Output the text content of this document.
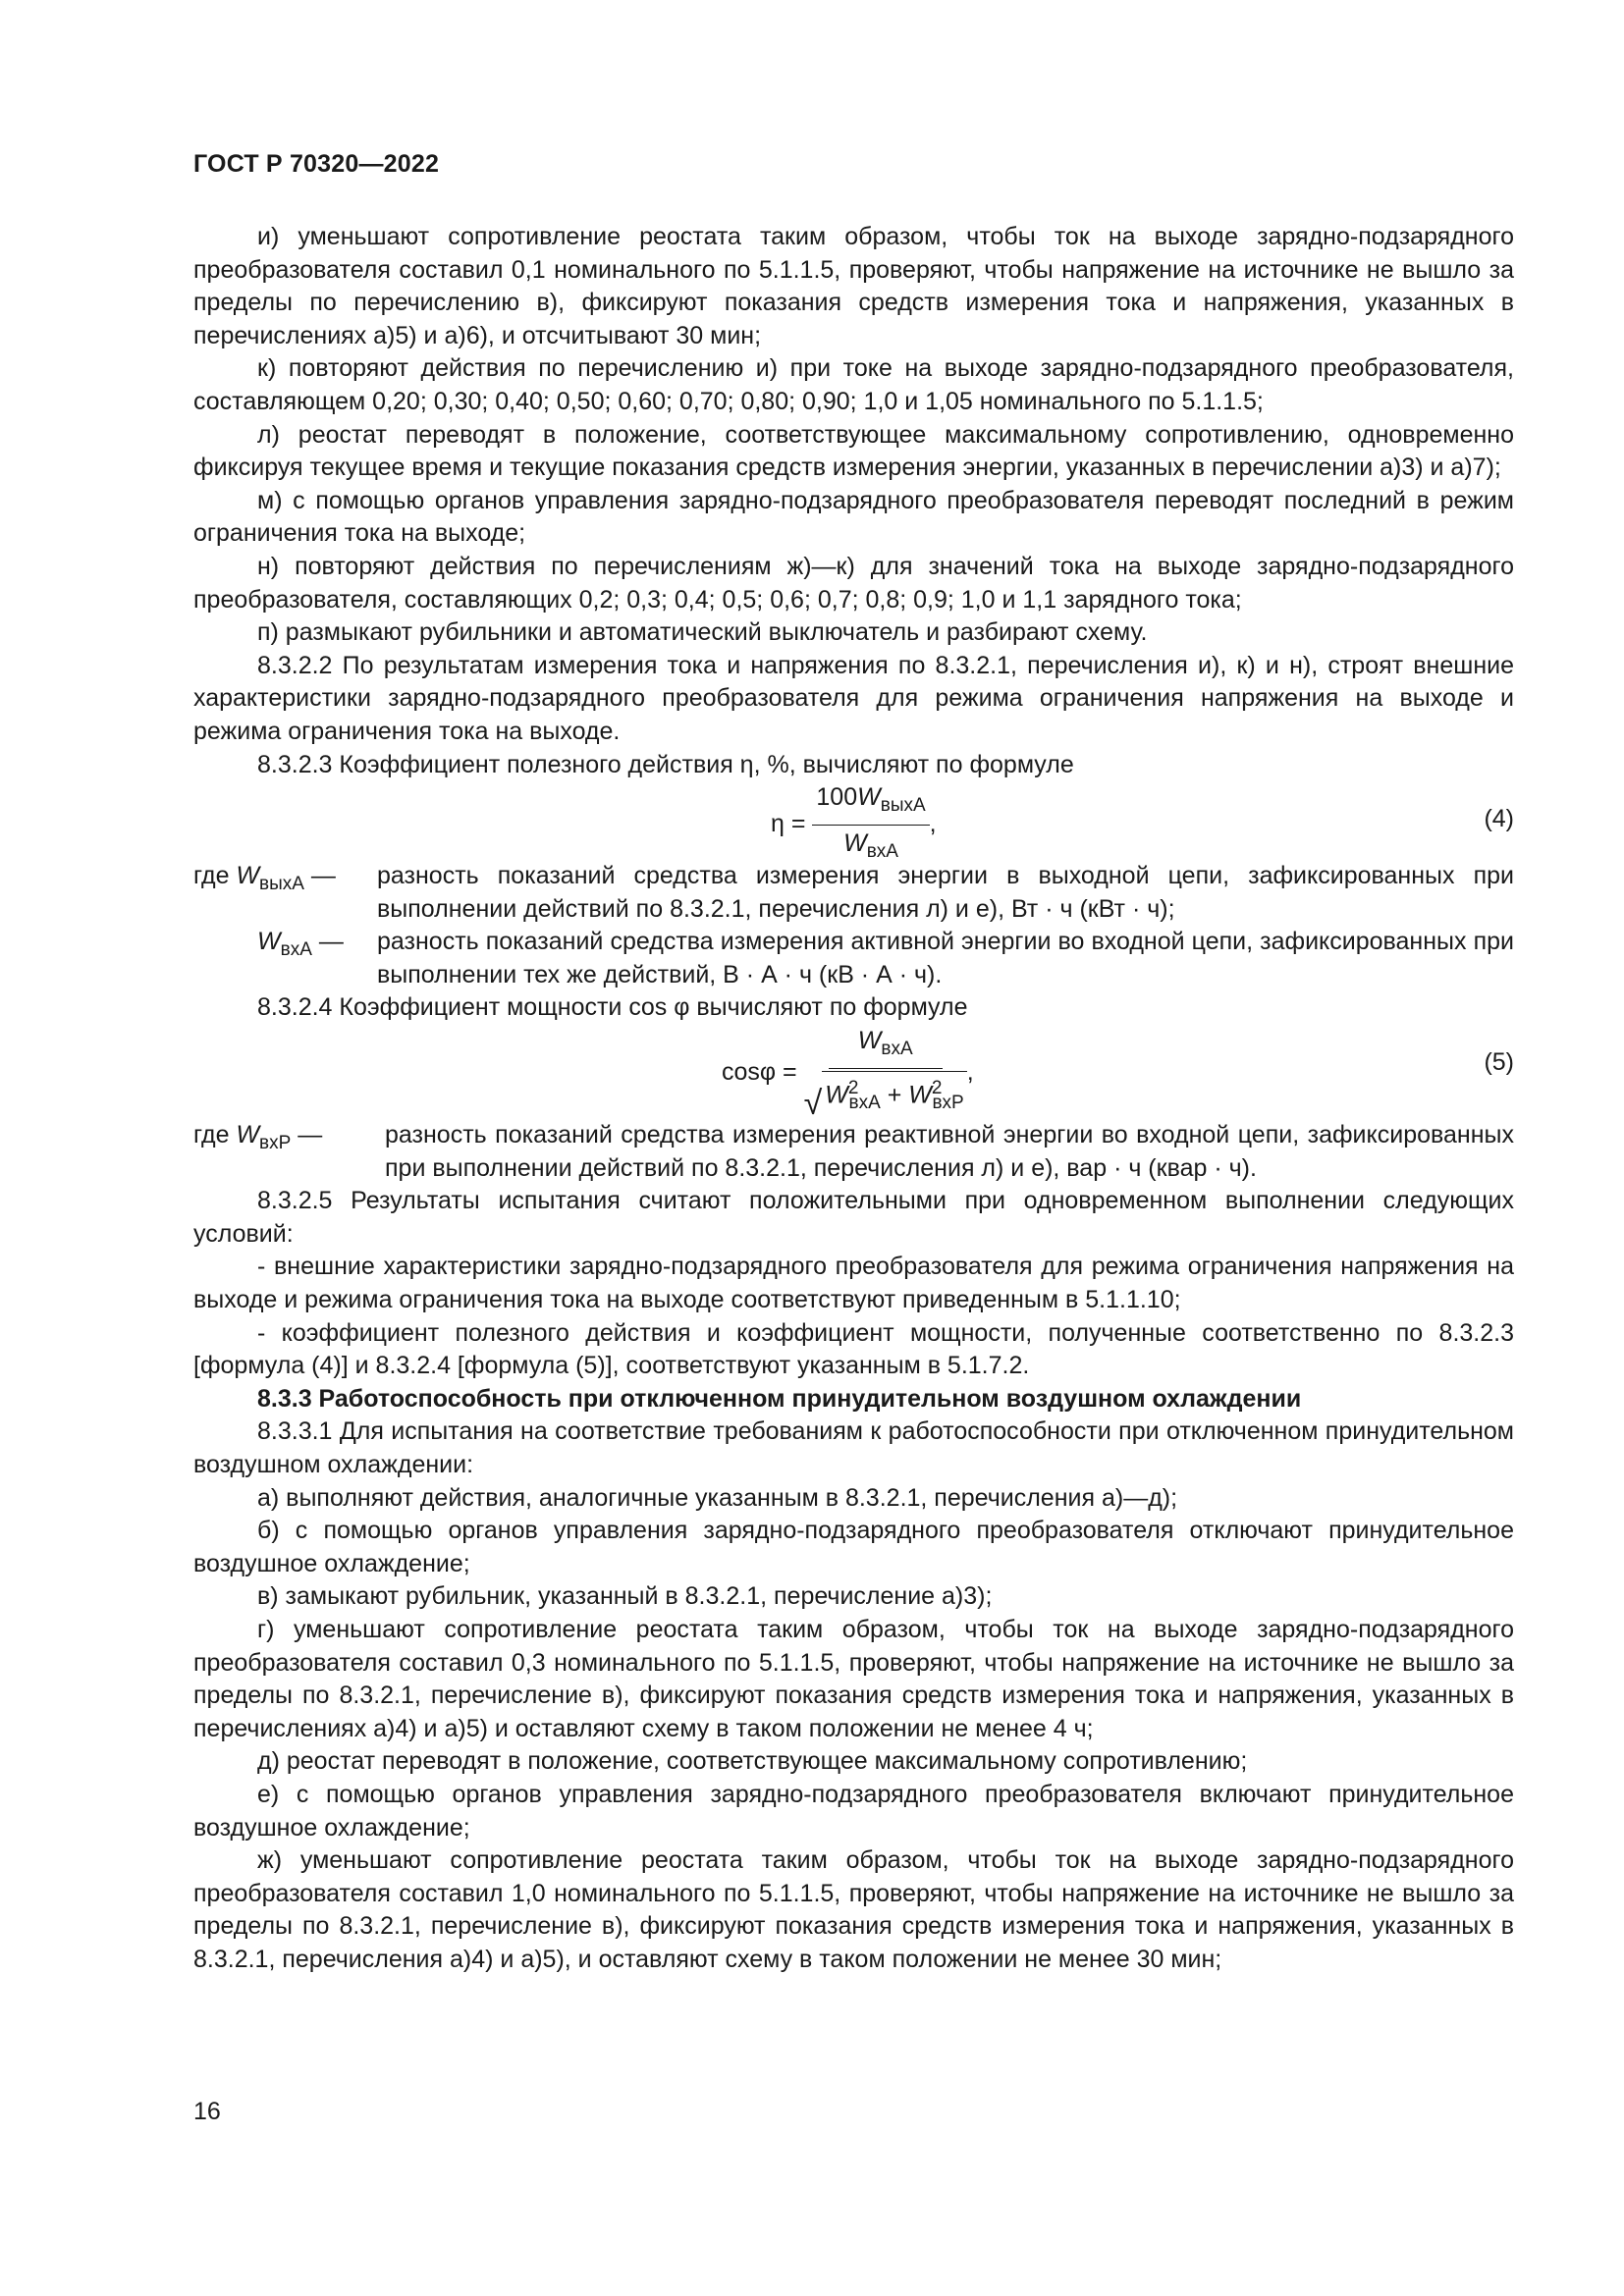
ГОСТ Р 70320—2022

и) уменьшают сопротивление реостата таким образом, чтобы ток на выходе зарядно-подзарядного преобразователя составил 0,1 номинального по 5.1.1.5, проверяют, чтобы напряжение на источнике не вышло за пределы по перечислению в), фиксируют показания средств измерения тока и напряжения, указанных в перечислениях а)5) и а)6), и отсчитывают 30 мин;

к) повторяют действия по перечислению и) при токе на выходе зарядно-подзарядного преобразователя, составляющем 0,20; 0,30; 0,40; 0,50; 0,60; 0,70; 0,80; 0,90; 1,0 и 1,05 номинального по 5.1.1.5;

л) реостат переводят в положение, соответствующее максимальному сопротивлению, одновременно фиксируя текущее время и текущие показания средств измерения энергии, указанных в перечислении а)3) и а)7);

м) с помощью органов управления зарядно-подзарядного преобразователя переводят последний в режим ограничения тока на выходе;

н) повторяют действия по перечислениям ж)—к) для значений тока на выходе зарядно-подзарядного преобразователя, составляющих 0,2; 0,3; 0,4; 0,5; 0,6; 0,7; 0,8; 0,9; 1,0 и 1,1 зарядного тока;

п) размыкают рубильники и автоматический выключатель и разбирают схему.

8.3.2.2 По результатам измерения тока и напряжения по 8.3.2.1, перечисления и), к) и н), строят внешние характеристики зарядно-подзарядного преобразователя для режима ограничения напряжения на выходе и режима ограничения тока на выходе.

8.3.2.3 Коэффициент полезного действия η, %, вычисляют по формуле

η =
$\frac{100W_{выхА}}{W_{вхА}}$ ,	(4)
где $W_{выхА}$ — разность показаний средства измерения энергии в выходной цепи, зафиксированных при выполнении действий по 8.3.2.1, перечисления л) и е), Вт · ч (кВт · ч);

$W_{вхА}$ — разность показаний средства измерения активной энергии во входной цепи, зафиксированных при выполнении тех же действий, В · А · ч (кВ · А · ч).

8.3.2.4 Коэффициент мощности cos φ вычисляют по формуле

cosφ =
$\frac{W_{вхА}}{√ W^2_{вхА} + W^2_{вхР}}$ ,	(5)
где $W_{вхР}$ —	разность показаний средства измерения реактивной энергии во входной цепи, зафиксированных при выполнении действий по 8.3.2.1, перечисления л) и е), вар · ч (квар · ч).

8.3.2.5 Результаты испытания считают положительными при одновременном выполнении следующих условий:

- внешние характеристики зарядно-подзарядного преобразователя для режима ограничения напряжения на выходе и режима ограничения тока на выходе соответствуют приведенным в 5.1.1.10;

- коэффициент полезного действия и коэффициент мощности, полученные соответственно по 8.3.2.3 [формула (4)] и 8.3.2.4 [формула (5)], соответствуют указанным в 5.1.7.2.

8.3.3 Работоспособность при отключенном принудительном воздушном охлаждении

8.3.3.1 Для испытания на соответствие требованиям к работоспособности при отключенном принудительном воздушном охлаждении:

а) выполняют действия, аналогичные указанным в 8.3.2.1, перечисления а)—д);

б) с помощью органов управления зарядно-подзарядного преобразователя отключают принудительное воздушное охлаждение;

в) замыкают рубильник, указанный в 8.3.2.1, перечисление а)3);

г) уменьшают сопротивление реостата таким образом, чтобы ток на выходе зарядно-подзарядного преобразователя составил 0,3 номинального по 5.1.1.5, проверяют, чтобы напряжение на источнике не вышло за пределы по 8.3.2.1, перечисление в), фиксируют показания средств измерения тока и напряжения, указанных в перечислениях а)4) и а)5) и оставляют схему в таком положении не менее 4 ч;

д) реостат переводят в положение, соответствующее максимальному сопротивлению;

е) с помощью органов управления зарядно-подзарядного преобразователя включают принудительное воздушное охлаждение;

ж) уменьшают сопротивление реостата таким образом, чтобы ток на выходе зарядно-подзарядного преобразователя составил 1,0 номинального по 5.1.1.5, проверяют, чтобы напряжение на источнике не вышло за пределы по 8.3.2.1, перечисление в), фиксируют показания средств измерения тока и напряжения, указанных в 8.3.2.1, перечисления а)4) и а)5), и оставляют схему в таком положении не менее 30 мин;

16
